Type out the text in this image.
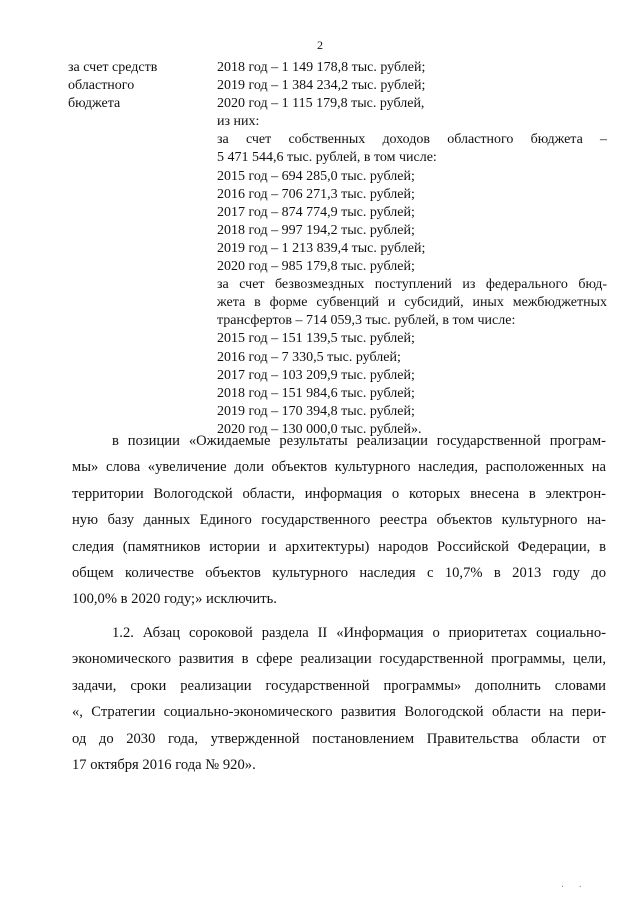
2
за счет средств
областного
бюджета
2018 год – 1 149 178,8 тыс. рублей;
2019 год – 1 384 234,2 тыс. рублей;
2020 год – 1 115 179,8 тыс. рублей,
из них:
за счет собственных доходов областного бюджета –
5 471 544,6 тыс. рублей, в том числе:
2015 год – 694 285,0 тыс. рублей;
2016 год – 706 271,3 тыс. рублей;
2017 год – 874 774,9 тыс. рублей;
2018 год – 997 194,2 тыс. рублей;
2019 год – 1 213 839,4 тыс. рублей;
2020 год – 985 179,8 тыс. рублей;
за счет безвозмездных поступлений из федерального бюд-
жета в форме субвенций и субсидий, иных межбюджетных
трансфертов – 714 059,3 тыс. рублей, в том числе:
2015 год – 151 139,5 тыс. рублей;
2016 год – 7 330,5 тыс. рублей;
2017 год – 103 209,9 тыс. рублей;
2018 год – 151 984,6 тыс. рублей;
2019 год – 170 394,8 тыс. рублей;
2020 год – 130 000,0 тыс. рублей».
в позиции «Ожидаемые результаты реализации государственной програм-
мы» слова «увеличение доли объектов культурного наследия, расположенных на
территории Вологодской области, информация о которых внесена в электрон-
ную базу данных Единого государственного реестра объектов культурного на-
следия (памятников истории и архитектуры) народов Российской Федерации, в
общем количестве объектов культурного наследия с 10,7% в 2013 году до
100,0% в 2020 году;» исключить.
1.2. Абзац сороковой раздела II «Информация о приоритетах социально-
экономического развития в сфере реализации государственной программы, цели,
задачи, сроки реализации государственной программы» дополнить словами
«, Стратегии социально-экономического развития Вологодской области на пери-
од до 2030 года, утвержденной постановлением Правительства области от
17 октября 2016 года № 920».
· ·
